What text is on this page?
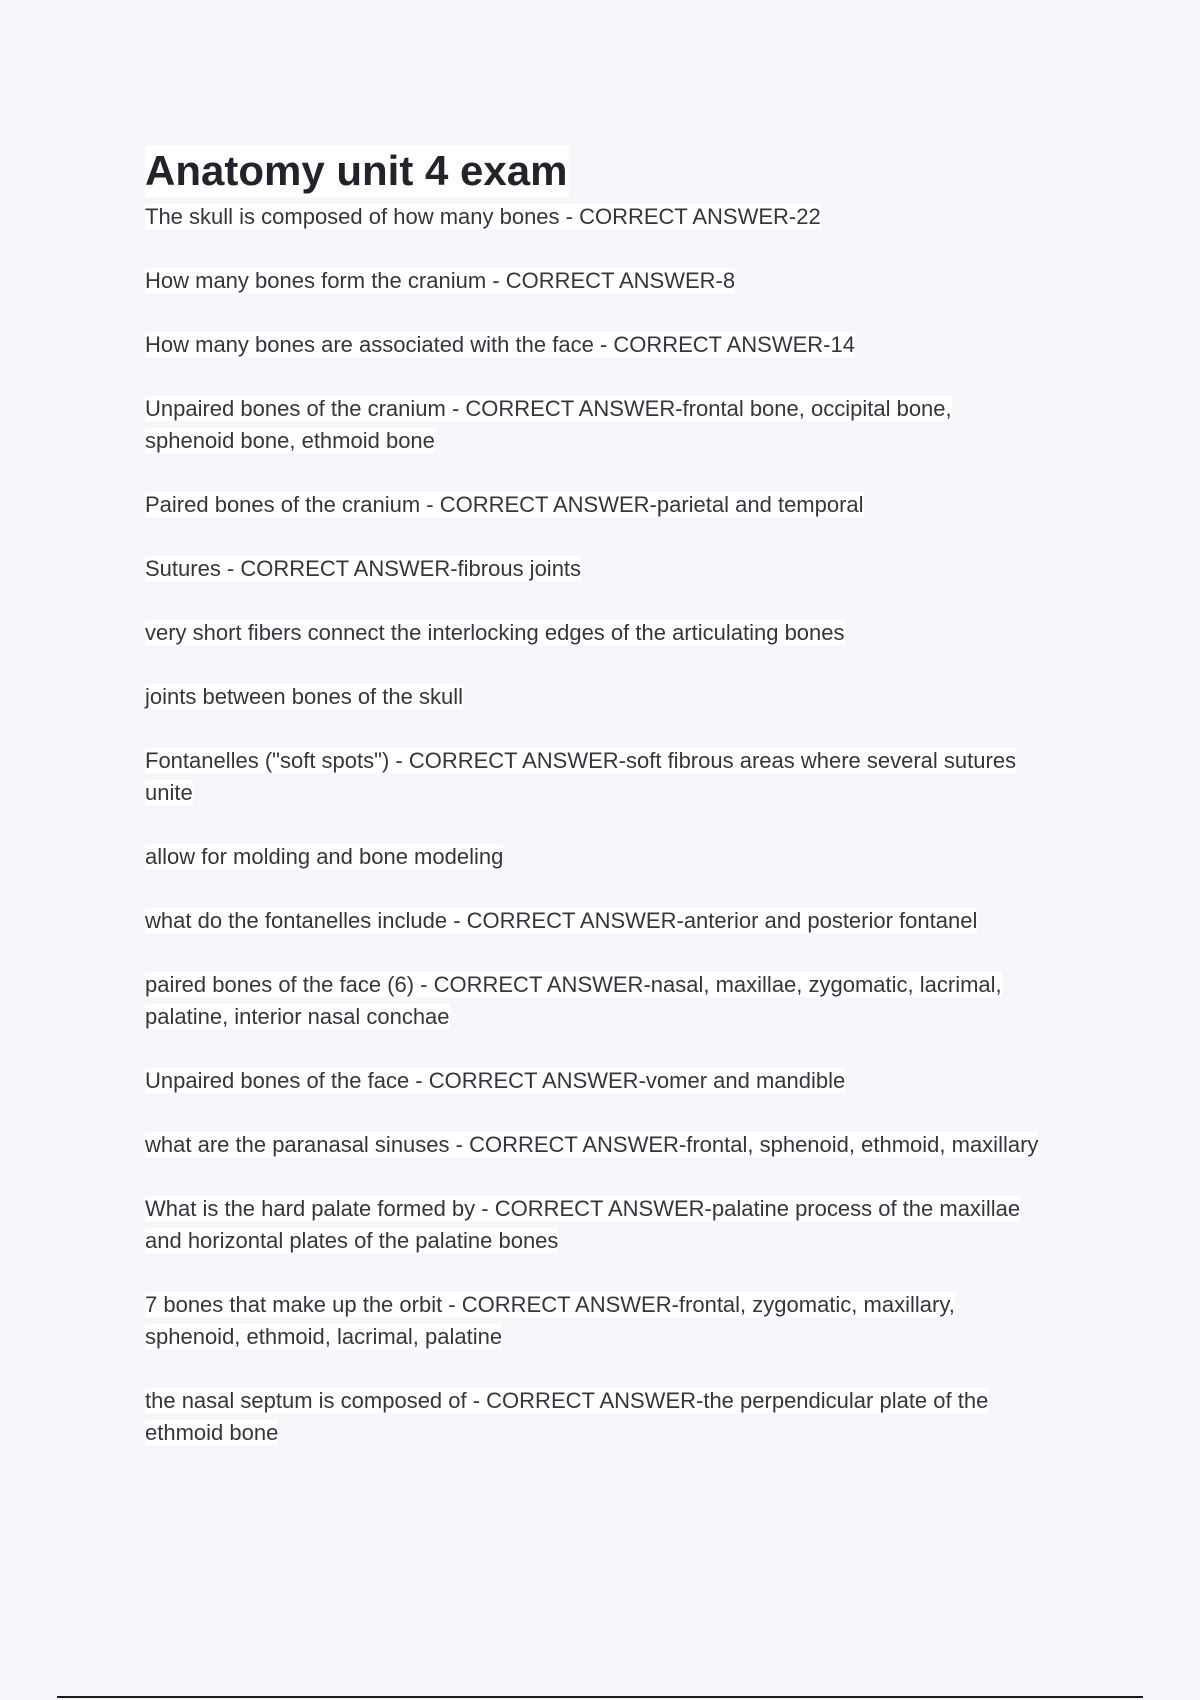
Anatomy unit 4 exam
The skull is composed of how many bones - CORRECT ANSWER-22
How many bones form the cranium - CORRECT ANSWER-8
How many bones are associated with the face - CORRECT ANSWER-14
Unpaired bones of the cranium - CORRECT ANSWER-frontal bone, occipital bone, sphenoid bone, ethmoid bone
Paired bones of the cranium - CORRECT ANSWER-parietal and temporal
Sutures - CORRECT ANSWER-fibrous joints
very short fibers connect the interlocking edges of the articulating bones
joints between bones of the skull
Fontanelles ("soft spots") - CORRECT ANSWER-soft fibrous areas where several sutures unite
allow for molding and bone modeling
what do the fontanelles include - CORRECT ANSWER-anterior and posterior fontanel
paired bones of the face (6) - CORRECT ANSWER-nasal, maxillae, zygomatic, lacrimal, palatine, interior nasal conchae
Unpaired bones of the face - CORRECT ANSWER-vomer and mandible
what are the paranasal sinuses - CORRECT ANSWER-frontal, sphenoid, ethmoid, maxillary
What is the hard palate formed by - CORRECT ANSWER-palatine process of the maxillae and horizontal plates of the palatine bones
7 bones that make up the orbit - CORRECT ANSWER-frontal, zygomatic, maxillary, sphenoid, ethmoid, lacrimal, palatine
the nasal septum is composed of - CORRECT ANSWER-the perpendicular plate of the ethmoid bone
